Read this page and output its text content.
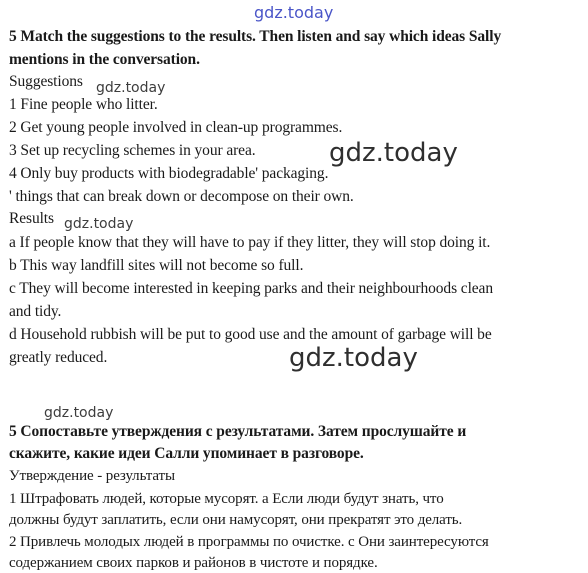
gdz.today
gdz.today
gdz.today
gdz.today
gdz.today
gdz.today
5 Match the suggestions to the results. Then listen and say which ideas Sally
mentions in the conversation.
Suggestions
1 Fine people who litter.
2 Get young people involved in clean-up programmes.
3 Set up recycling schemes in your area.
4 Only buy products with biodegradable' packaging.
' things that can break down or decompose on their own.
Results
a If people know that they will have to pay if they litter, they will stop doing it.
b This way landfill sites will not become so full.
c They will become interested in keeping parks and their neighbourhoods clean
and tidy.
d Household rubbish will be put to good use and the amount of garbage will be
greatly reduced.
5 Сопоставьте утверждения с результатами. Затем прослушайте и
скажите, какие идеи Салли упоминает в разговоре.
Утверждение - результаты
1 Штрафовать людей, которые мусорят. а Если люди будут знать, что
должны будут заплатить, если они намусорят, они прекратят это делать.
2 Привлечь молодых людей в программы по очистке. с Они заинтересуются
содержанием своих парков и районов в чистоте и порядке.
